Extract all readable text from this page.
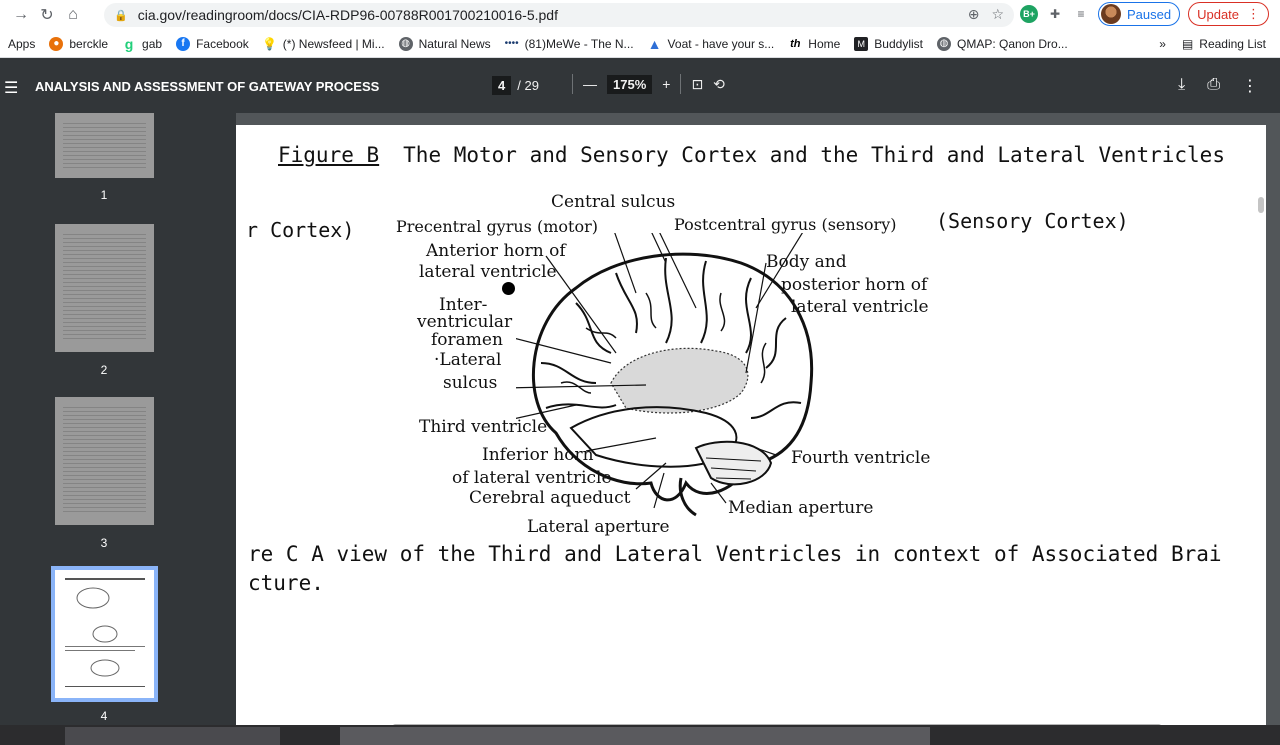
→ ↻ ⌂	🔒 cia.gov/readingroom/docs/CIA-RDP96-00788R001700210016-5.pdf	⊕ ☆	B+	✚	≡	Paused Update ⋮
Apps	● berckle g gab	f Facebook 💡 (*) Newsfeed | Mi... ◍ Natural News •••• (81)MeWe - The N... ▲ Voat - have your s... th Home	M Buddylist ◍ QMAP: Qanon Dro...	» ▤ Reading List
☰ ANALYSIS AND ASSESSMENT OF GATEWAY PROCESS	4 / 29	—	175%	+ ⊡ ⟲	⤓ ⎙ ⋮
1
2
3
4
Figure B The Motor and Sensory Cortex and the Third and Lateral Ventricles
Central sulcus
r Cortex)	Precentral gyrus (motor)	Postcentral gyrus (sensory) (Sensory Cortex)
Anterior horn of
lateral ventricle	Body and
posterior horn of
lateral ventricle
Inter-
ventricular
foramen
·Lateral
sulcus
Third ventricle
Inferior horn
of lateral ventricle
Cerebral aqueduct
Lateral aperture
Fourth ventricle
Median aperture
re C A view of the Third and Lateral Ventricles in context of Associated Brai
cture.
